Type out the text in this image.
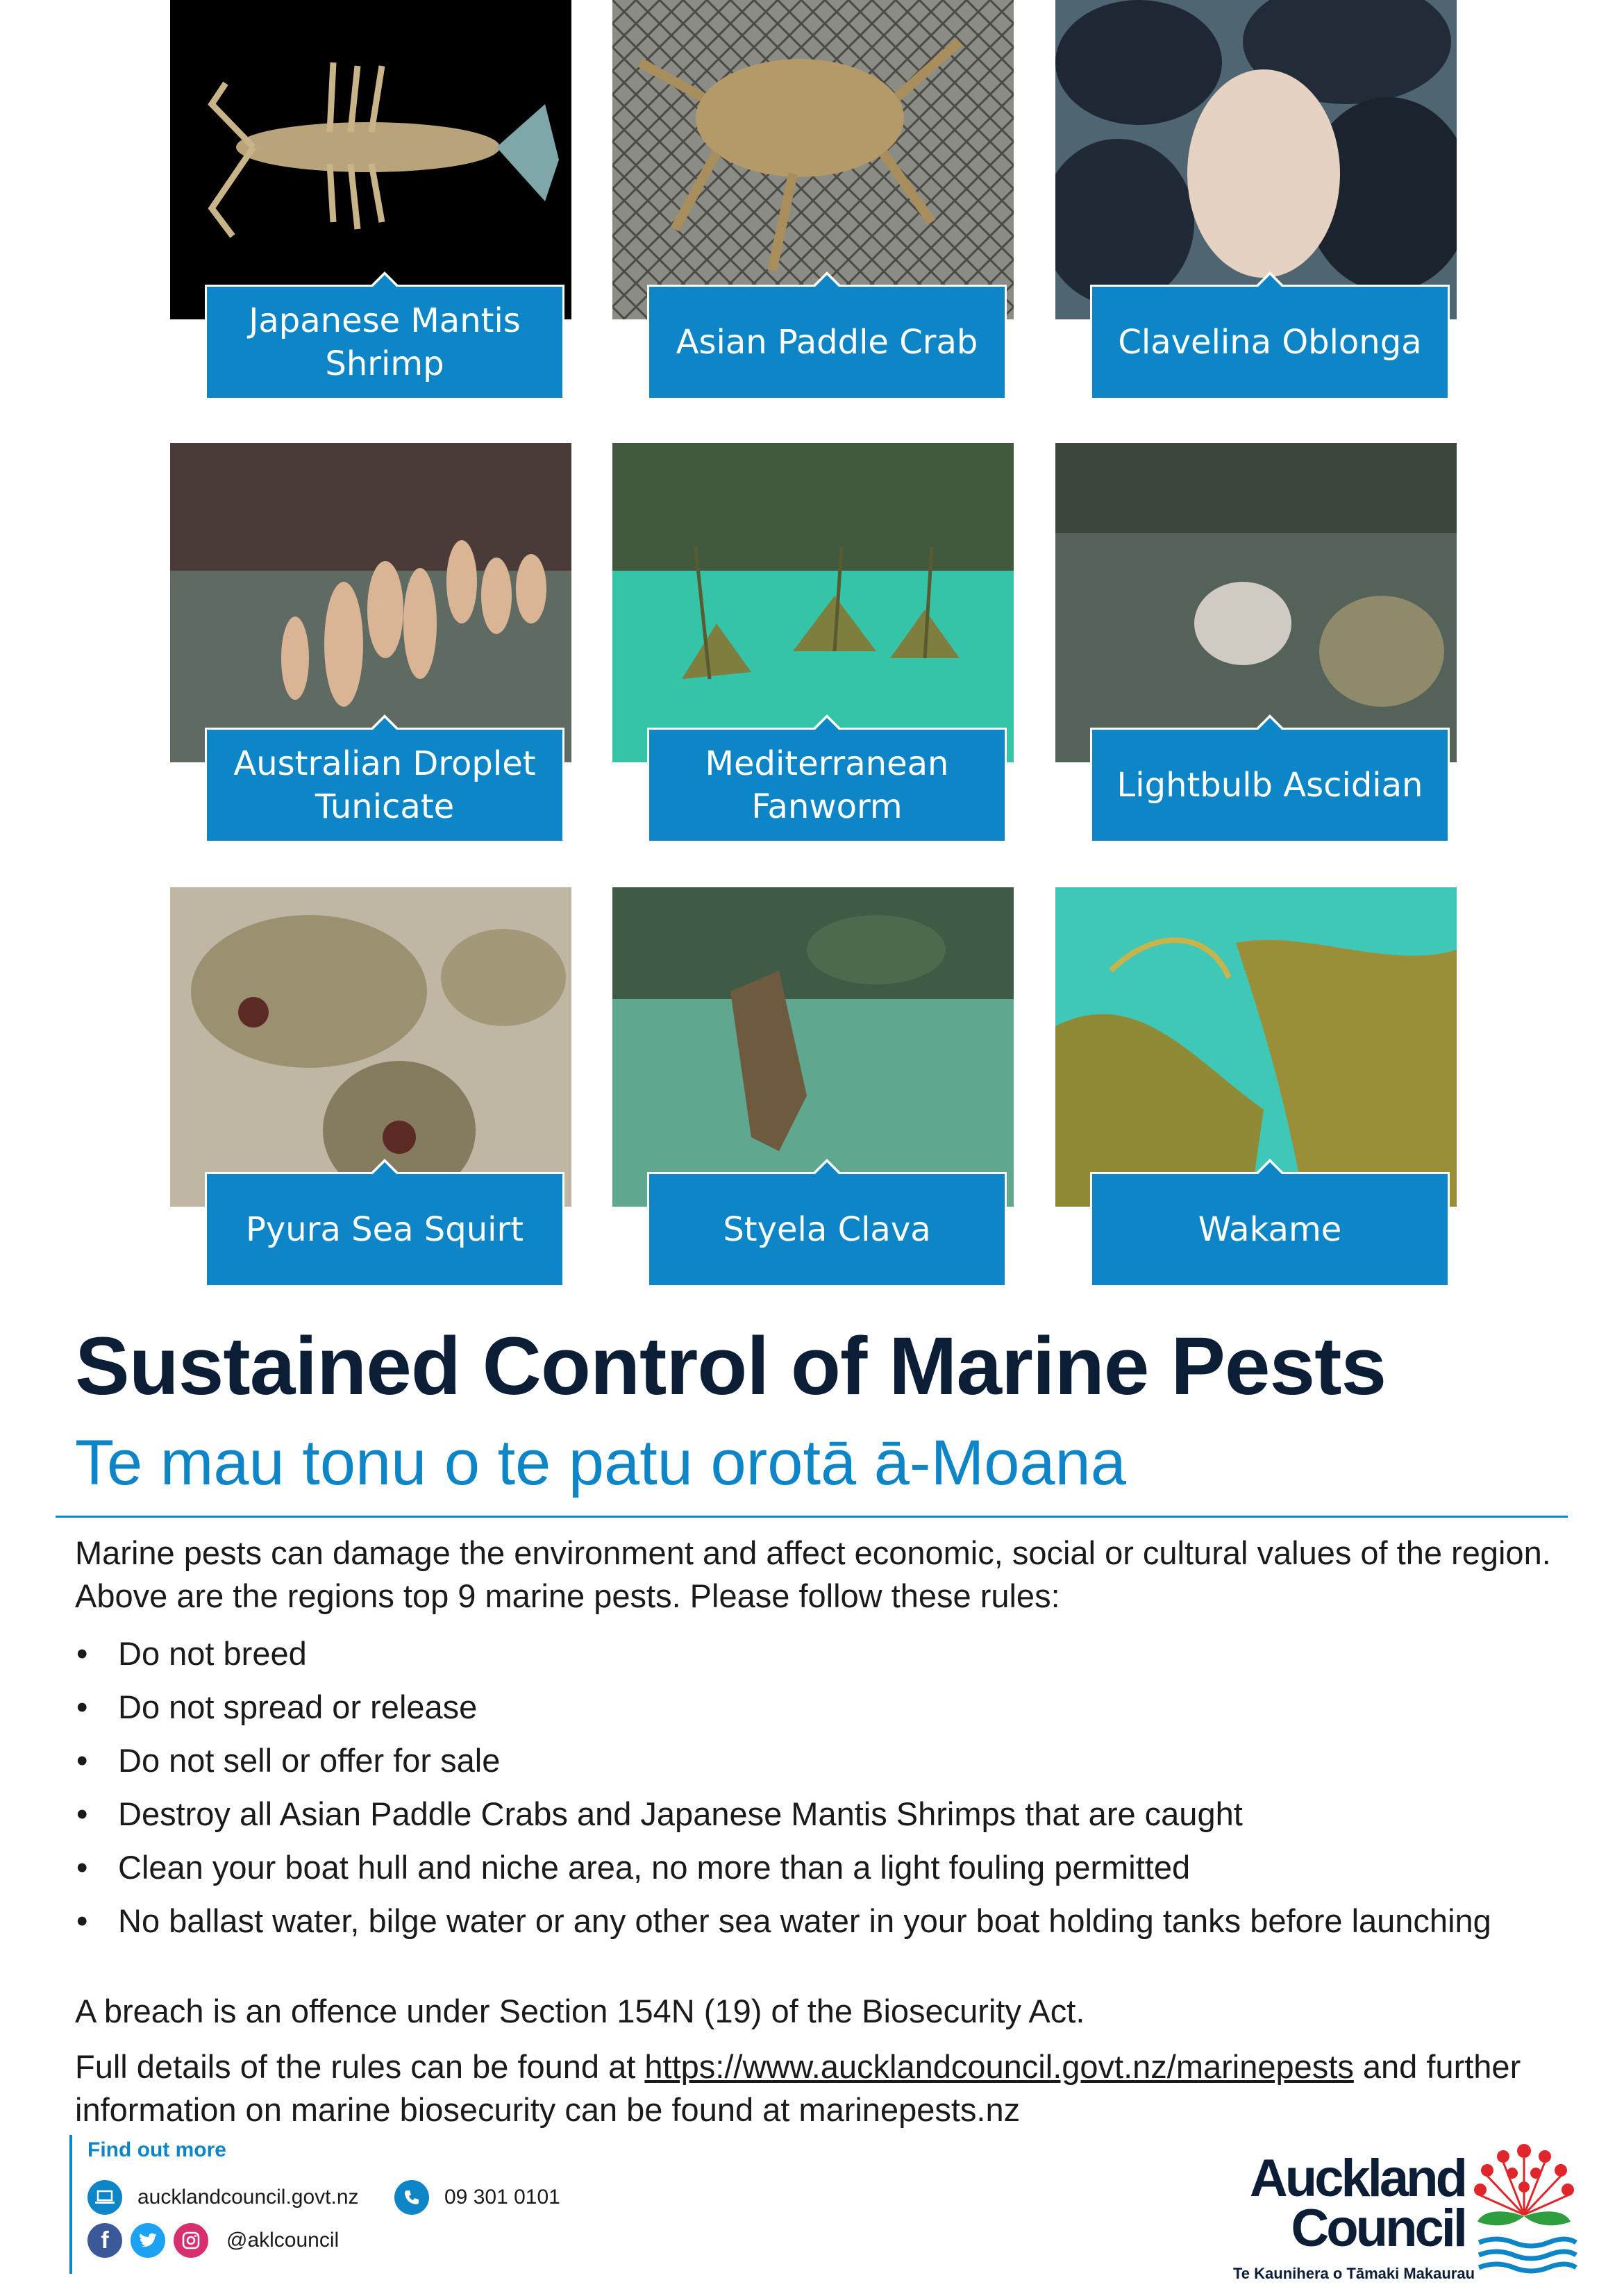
Japanese Mantis Shrimp
Asian Paddle Crab	Clavelina Oblonga
Australian Droplet Tunicate
Mediterranean Fanworm
Lightbulb Ascidian
Pyura Sea Squirt	Styela Clava	Wakame
Sustained Control of Marine Pests
Te mau tonu o te patu orotā ā-Moana

Marine pests can damage the environment and affect economic, social or cultural values of the region. Above are the regions top 9 marine pests. Please follow these rules:

• Do not breed
• Do not spread or release
• Do not sell or offer for sale
• Destroy all Asian Paddle Crabs and Japanese Mantis Shrimps that are caught
• Clean your boat hull and niche area, no more than a light fouling permitted
• No ballast water, bilge water or any other sea water in your boat holding tanks before launching

A breach is an offence under Section 154N (19) of the Biosecurity Act.

Full details of the rules can be found at https://www.aucklandcouncil.govt.nz/marinepests and further information on marine biosecurity can be found at marinepests.nz

Find out more
aucklandcouncil.govt.nz	09 301 0101
f	@aklcouncil
Auckland
Council
Te Kaunihera o Tāmaki Makaurau
